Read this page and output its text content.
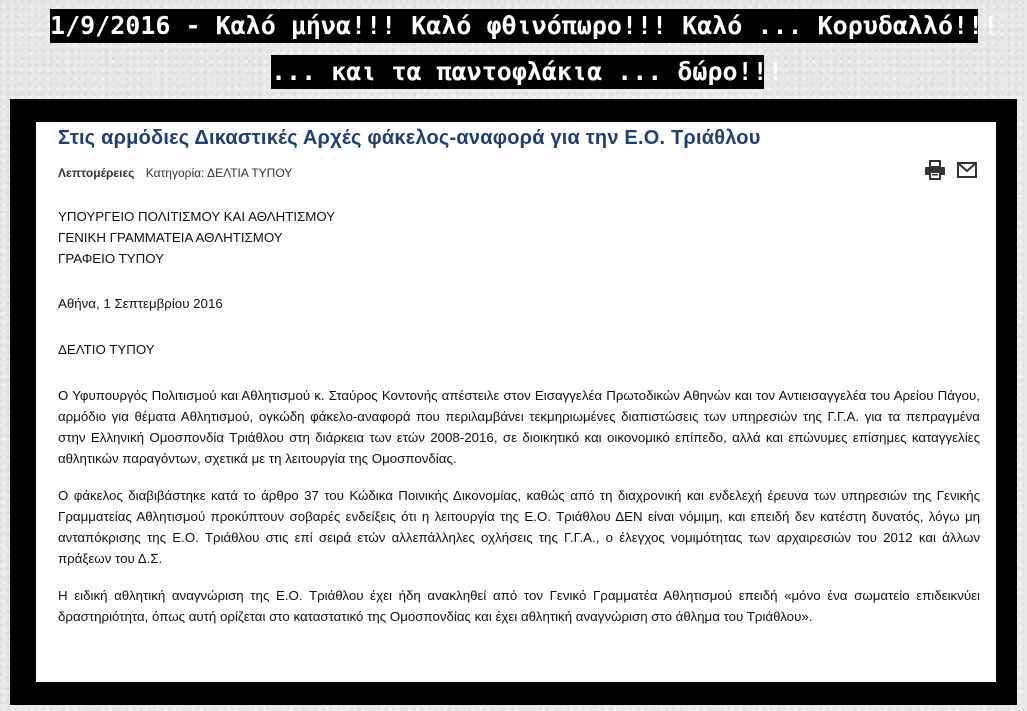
1/9/2016 - Καλό μήνα!!! Καλό φθινόπωρο!!! Καλό ... Κορυδαλλό!!!
... και τα παντοφλάκια ... δώρο!!!
Στις αρμόδιες Δικαστικές Αρχές φάκελος-αναφορά για την Ε.Ο. Τριάθλου
Λεπτομέρειες Κατηγορία: ΔΕΛΤΙΑ ΤΥΠΟΥ
ΥΠΟΥΡΓΕΙΟ ΠΟΛΙΤΙΣΜΟΥ ΚΑΙ ΑΘΛΗΤΙΣΜΟΥ
ΓΕΝΙΚΗ ΓΡΑΜΜΑΤΕΙΑ ΑΘΛΗΤΙΣΜΟΥ
ΓΡΑΦΕΙΟ ΤΥΠΟΥ
Αθήνα, 1 Σεπτεμβρίου 2016
ΔΕΛΤΙΟ ΤΥΠΟΥ

Ο Υφυπουργός Πολιτισμού και Αθλητισμού κ. Σταύρος Κοντονής απέστειλε στον Εισαγγελέα Πρωτοδικών Αθηνών και τον Αντιεισαγγελέα του Αρείου Πάγου, αρμόδιο για θέματα Αθλητισμού, ογκώδη φάκελο-αναφορά που περιλαμβάνει τεκμηριωμένες διαπιστώσεις των υπηρεσιών της Γ.Γ.Α. για τα πεπραγμένα στην Ελληνική Ομοσπονδία Τριάθλου στη διάρκεια των ετών 2008-2016, σε διοικητικό και οικονομικό επίπεδο, αλλά και επώνυμες επίσημες καταγγελίες αθλητικών παραγόντων, σχετικά με τη λειτουργία της Ομοσπονδίας.

Ο φάκελος διαβιβάστηκε κατά το άρθρο 37 του Κώδικα Ποινικής Δικονομίας, καθώς από τη διαχρονική και ενδελεχή έρευνα των υπηρεσιών της Γενικής Γραμματείας Αθλητισμού προκύπτουν σοβαρές ενδείξεις ότι η λειτουργία της Ε.Ο. Τριάθλου ΔΕΝ είναι νόμιμη, και επειδή δεν κατέστη δυνατός, λόγω μη ανταπόκρισης της Ε.Ο. Τριάθλου στις επί σειρά ετών αλλεπάλληλες οχλήσεις της Γ.Γ.Α., ο έλεγχος νομιμότητας των αρχαιρεσιών του 2012 και άλλων πράξεων του Δ.Σ.

Η ειδική αθλητική αναγνώριση της Ε.Ο. Τριάθλου έχει ήδη ανακληθεί από τον Γενικό Γραμματέα Αθλητισμού επειδή «μόνο ένα σωματείο επιδεικνύει δραστηριότητα, όπως αυτή ορίζεται στο καταστατικό της Ομοσπονδίας και έχει αθλητική αναγνώριση στο άθλημα του Τριάθλου».
